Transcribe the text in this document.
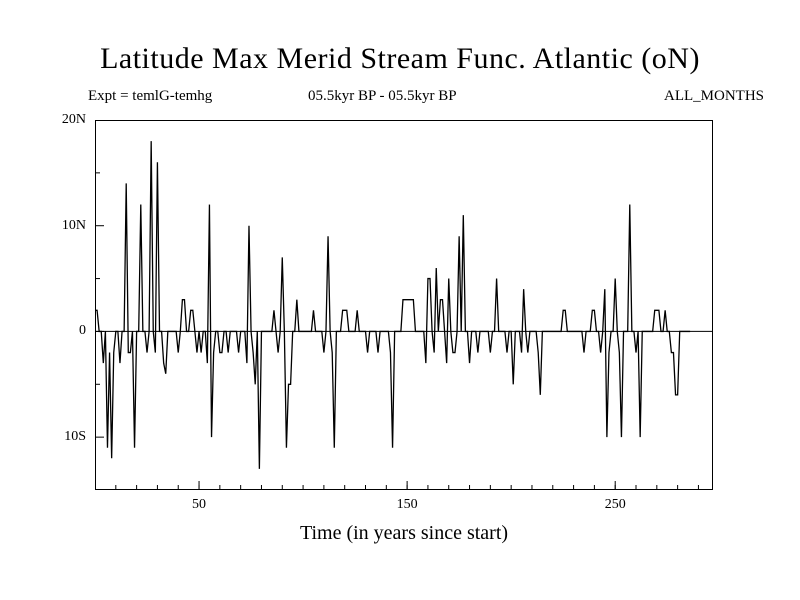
Latitude Max Merid Stream Func. Atlantic (oN)
Expt = temlG-temhg	05.5kyr BP - 05.5kyr BP	ALL_MONTHS
Time (in years since start)
20N
10N
0
10S
50	150	250
